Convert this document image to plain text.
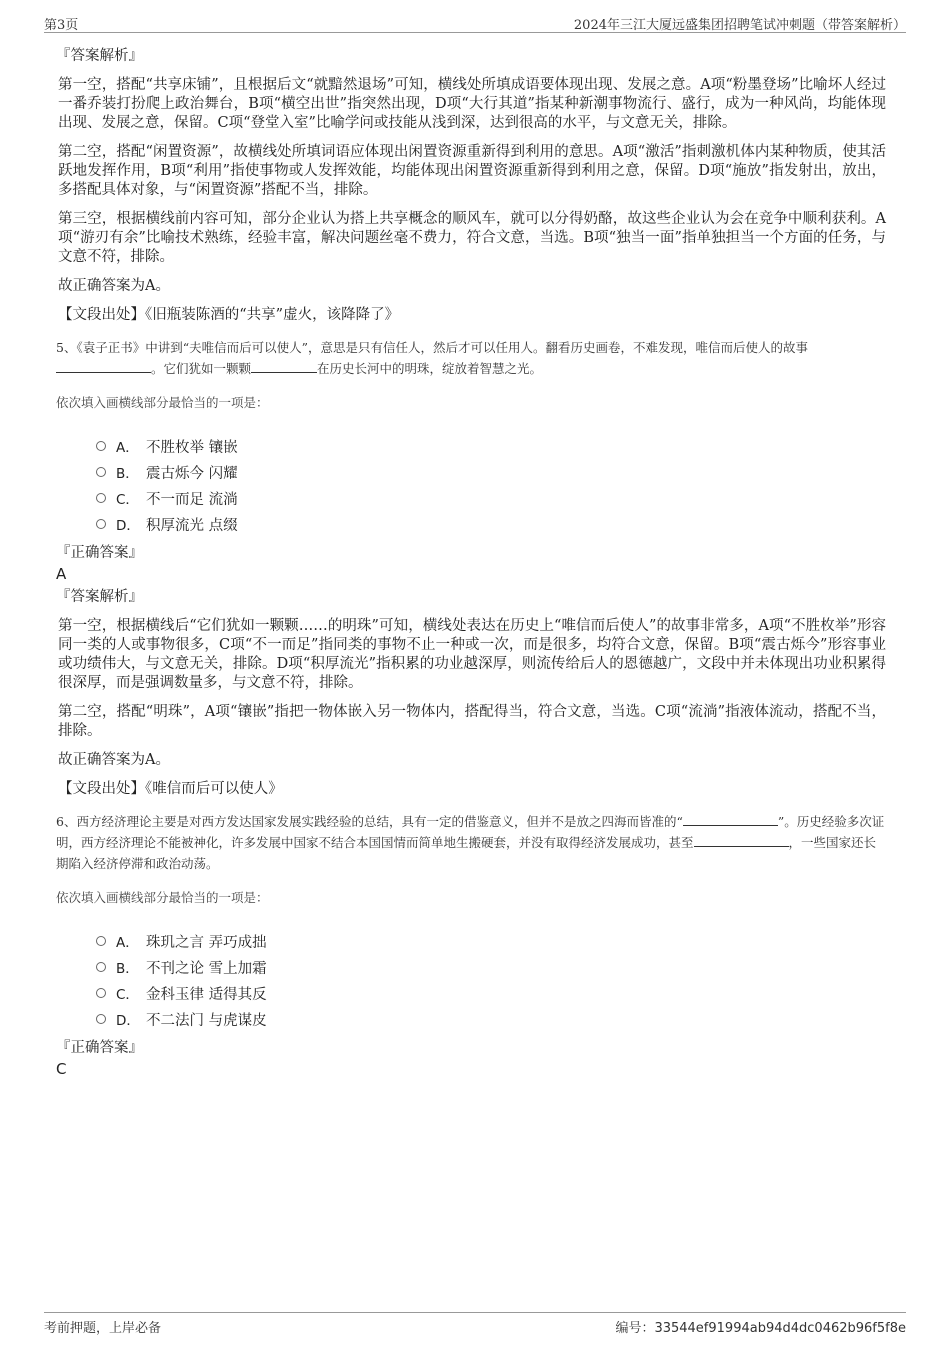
第3页	2024年三江大厦远盛集团招聘笔试冲刺题（带答案解析）
『答案解析』

第一空，搭配“共享床铺”，且根据后文“就黯然退场”可知，横线处所填成语要体现出现、发展之意。A项“粉墨登场”比喻坏人经过一番乔装打扮爬上政治舞台，B项“横空出世”指突然出现，D项“大行其道”指某种新潮事物流行、盛行，成为一种风尚，均能体现出现、发展之意，保留。C项“登堂入室”比喻学问或技能从浅到深，达到很高的水平，与文意无关，排除。

第二空，搭配“闲置资源”，故横线处所填词语应体现出闲置资源重新得到利用的意思。A项“激活”指刺激机体内某种物质，使其活跃地发挥作用，B项“利用”指使事物或人发挥效能，均能体现出闲置资源重新得到利用之意，保留。D项“施放”指发射出，放出，多搭配具体对象，与“闲置资源”搭配不当，排除。

第三空，根据横线前内容可知，部分企业认为搭上共享概念的顺风车，就可以分得奶酪，故这些企业认为会在竞争中顺利获利。A项“游刃有余”比喻技术熟练，经验丰富，解决问题丝毫不费力，符合文意，当选。B项“独当一面”指单独担当一个方面的任务，与文意不符，排除。

故正确答案为A。

【文段出处】《旧瓶装陈酒的“共享”虚火，该降降了》

5、《袁子正书》中讲到“夫唯信而后可以使人”，意思是只有信任人，然后才可以任用人。翻看历史画卷，不难发现，唯信而后使人的故事。它们犹如一颗颗	在历史长河中的明珠，绽放着智慧之光。
依次填入画横线部分最恰当的一项是：
A． 不胜枚举 镶嵌
B． 震古烁今 闪耀
C． 不一而足 流淌
D． 积厚流光 点缀
『正确答案』
A
『答案解析』

第一空，根据横线后“它们犹如一颗颗……的明珠”可知，横线处表达在历史上“唯信而后使人”的故事非常多，A项“不胜枚举”形容同一类的人或事物很多，C项“不一而足”指同类的事物不止一种或一次，而是很多，均符合文意，保留。B项“震古烁今”形容事业或功绩伟大，与文意无关，排除。D项“积厚流光”指积累的功业越深厚，则流传给后人的恩德越广，文段中并未体现出功业积累得很深厚，而是强调数量多，与文意不符，排除。

第二空，搭配“明珠”，A项“镶嵌”指把一物体嵌入另一物体内，搭配得当，符合文意，当选。C项“流淌”指液体流动，搭配不当，排除。

故正确答案为A。

【文段出处】《唯信而后可以使人》

6、西方经济理论主要是对西方发达国家发展实践经验的总结，具有一定的借鉴意义，但并不是放之四海而皆准的“	”。历史经验多次证明，西方经济理论不能被神化，许多发展中国家不结合本国国情而简单地生搬硬套，并没有取得经济发展成功，甚至	，一些国家还长期陷入经济停滞和政治动荡。
依次填入画横线部分最恰当的一项是：
A． 珠玑之言 弄巧成拙
B． 不刊之论 雪上加霜
C． 金科玉律 适得其反
D． 不二法门 与虎谋皮
『正确答案』
C
考前押题，上岸必备	编号：33544ef91994ab94d4dc0462b96f5f8e
